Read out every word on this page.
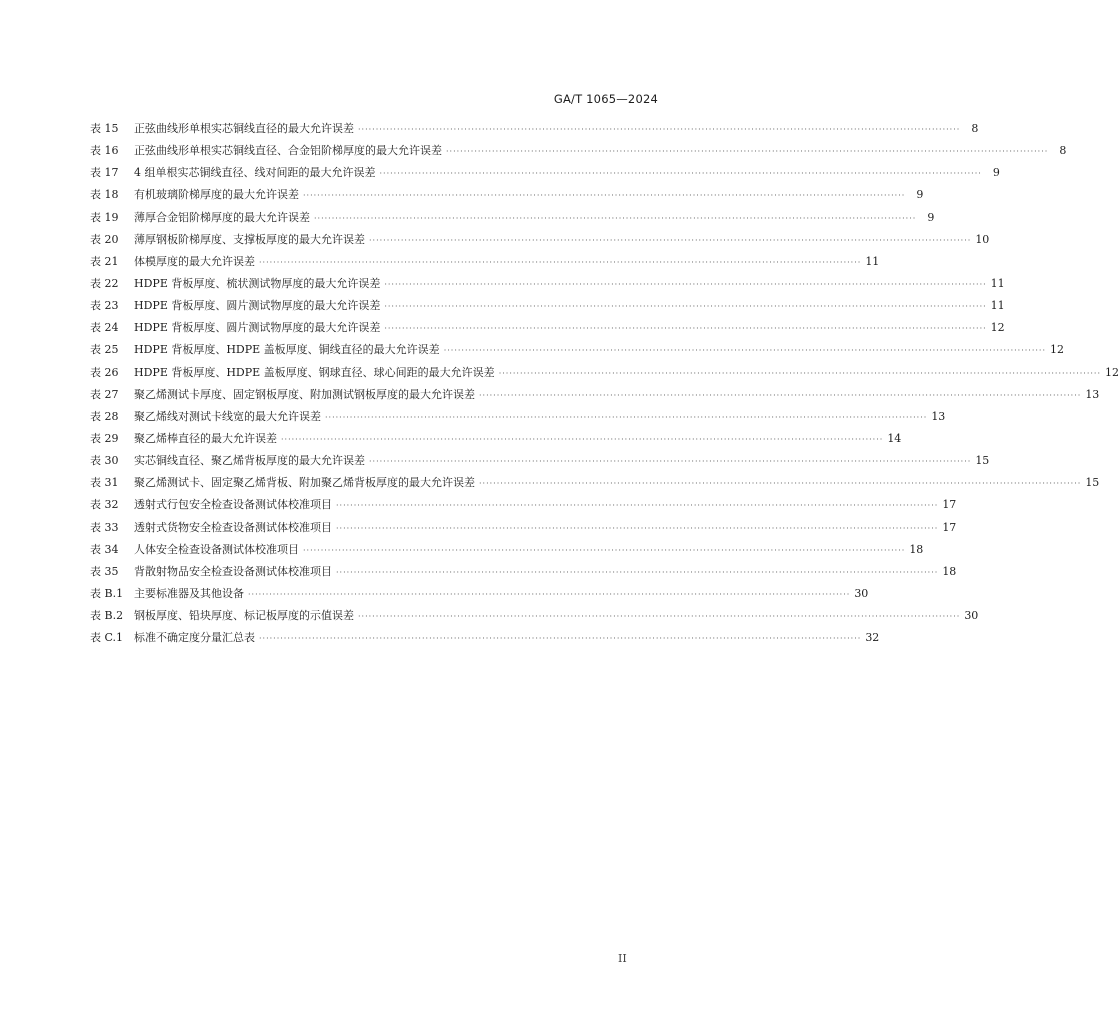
GA/T 1065—2024
表 15	正弦曲线形单根实芯铜线直径的最大允许误差 ·····	8
表 16	正弦曲线形单根实芯铜线直径、合金铝阶梯厚度的最大允许误差 ·····	8
表 17	4 组单根实芯铜线直径、线对间距的最大允许误差 ·····	9
表 18	有机玻璃阶梯厚度的最大允许误差 ·····	9
表 19	薄厚合金铝阶梯厚度的最大允许误差 ·····	9
表 20	薄厚钢板阶梯厚度、支撑板厚度的最大允许误差 ·····	10
表 21	体模厚度的最大允许误差 ·····	11
表 22	HDPE 背板厚度、梳状测试物厚度的最大允许误差 ·····	11
表 23	HDPE 背板厚度、圆片测试物厚度的最大允许误差 ·····	11
表 24	HDPE 背板厚度、圆片测试物厚度的最大允许误差 ·····	12
表 25	HDPE 背板厚度、HDPE 盖板厚度、铜线直径的最大允许误差 ·····	12
表 26	HDPE 背板厚度、HDPE 盖板厚度、钢球直径、球心间距的最大允许误差 ·····	12
表 27	聚乙烯测试卡厚度、固定钢板厚度、附加测试钢板厚度的最大允许误差 ·····	13
表 28	聚乙烯线对测试卡线宽的最大允许误差 ·····	13
表 29	聚乙烯棒直径的最大允许误差 ·····	14
表 30	实芯铜线直径、聚乙烯背板厚度的最大允许误差 ·····	15
表 31	聚乙烯测试卡、固定聚乙烯背板、附加聚乙烯背板厚度的最大允许误差 ·····	15
表 32	透射式行包安全检查设备测试体校准项目 ·····	17
表 33	透射式货物安全检查设备测试体校准项目 ·····	17
表 34	人体安全检查设备测试体校准项目 ·····	18
表 35	背散射物品安全检查设备测试体校准项目 ·····	18
表 B.1 主要标准器及其他设备 ·····	30
表 B.2 钢板厚度、铅块厚度、标记板厚度的示值误差 ·····	30
表 C.1 标准不确定度分量汇总表 ·····	32
II
